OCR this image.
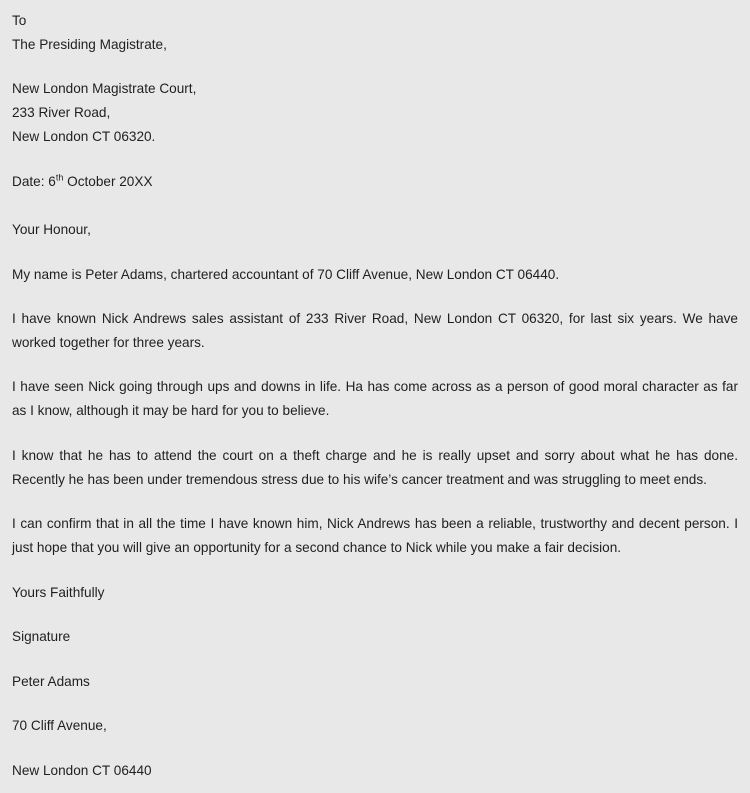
To
The Presiding Magistrate,
New London Magistrate Court,
233 River Road,
New London CT 06320.
Date: 6th October 20XX
Your Honour,
My name is Peter Adams, chartered accountant of 70 Cliff Avenue, New London CT 06440.
I have known Nick Andrews sales assistant of 233 River Road, New London CT 06320, for last six years. We have worked together for three years.
I have seen Nick going through ups and downs in life. Ha has come across as a person of good moral character as far as I know, although it may be hard for you to believe.
I know that he has to attend the court on a theft charge and he is really upset and sorry about what he has done. Recently he has been under tremendous stress due to his wife’s cancer treatment and was struggling to meet ends.
I can confirm that in all the time I have known him, Nick Andrews has been a reliable, trustworthy and decent person. I just hope that you will give an opportunity for a second chance to Nick while you make a fair decision.
Yours Faithfully
Signature
Peter Adams
70 Cliff Avenue,
New London CT 06440
